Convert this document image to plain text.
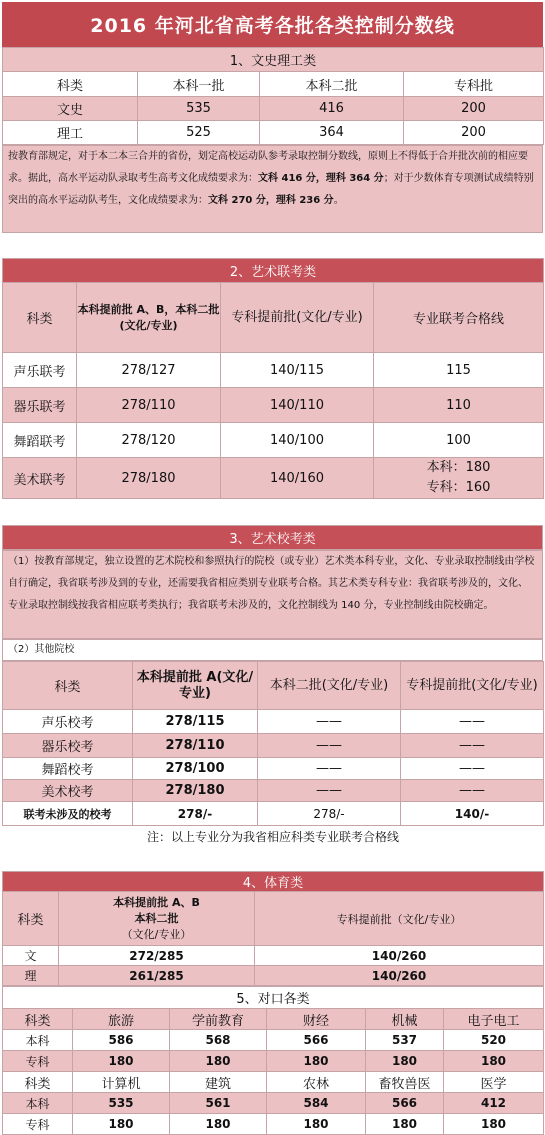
2016 年河北省高考各批各类控制分数线
1、文史理工类			
科类	本科一批	本科二批	专科批
文史	535	416	200
理工	525	364	200
按教育部规定，对于本二本三合并的省份，划定高校运动队参考录取控制分数线，原则上不得低于合并批次前的相应要求。据此，高水平运动队录取考生高考文化成绩要求为：文科 416 分，理科 364 分；对于少数体育专项测试成绩特别突出的高水平运动队考生，文化成绩要求为：文科 270 分，理科 236 分。
2、艺术联考类			
科类	本科提前批 A、B，本科二批(文化/专业)	专科提前批(文化/专业)	专业联考合格线
声乐联考	278/127	140/115	115
器乐联考	278/110	140/110	110
舞蹈联考	278/120	140/100	100
美术联考	278/180	140/160	本科：180
专科：160
3、艺术校考类
（1）按教育部规定，独立设置的艺术院校和参照执行的院校（或专业）艺术类本科专业，文化、专业录取控制线由学校自行确定，我省联考涉及到的专业，还需要我省相应类别专业联考合格。其艺术类专科专业：我省联考涉及的，文化、专业录取控制线按我省相应联考类执行；我省联考未涉及的，文化控制线为 140 分，专业控制线由院校确定。
（2）其他院校
科类	本科提前批 A(文化/专业)	本科二批(文化/专业)	专科提前批(文化/专业)
声乐校考	278/115	——	——
器乐校考	278/110	——	——
舞蹈校考	278/100	——	——
美术校考	278/180	——	——
联考未涉及的校考	278/-	278/-	140/-
注：以上专业分为我省相应科类专业联考合格线			
4、体育类		
科类	本科提前批 A、B
本科二批
（文化/专业）	专科提前批（文化/专业）
文	272/285	140/260
理	261/285	140/260
5、对口各类					
科类	旅游	学前教育	财经	机械	电子电工
本科	586	568	566	537	520
专科	180	180	180	180	180
科类	计算机	建筑	农林	畜牧兽医	医学
本科	535	561	584	566	412
专科	180	180	180	180	180
